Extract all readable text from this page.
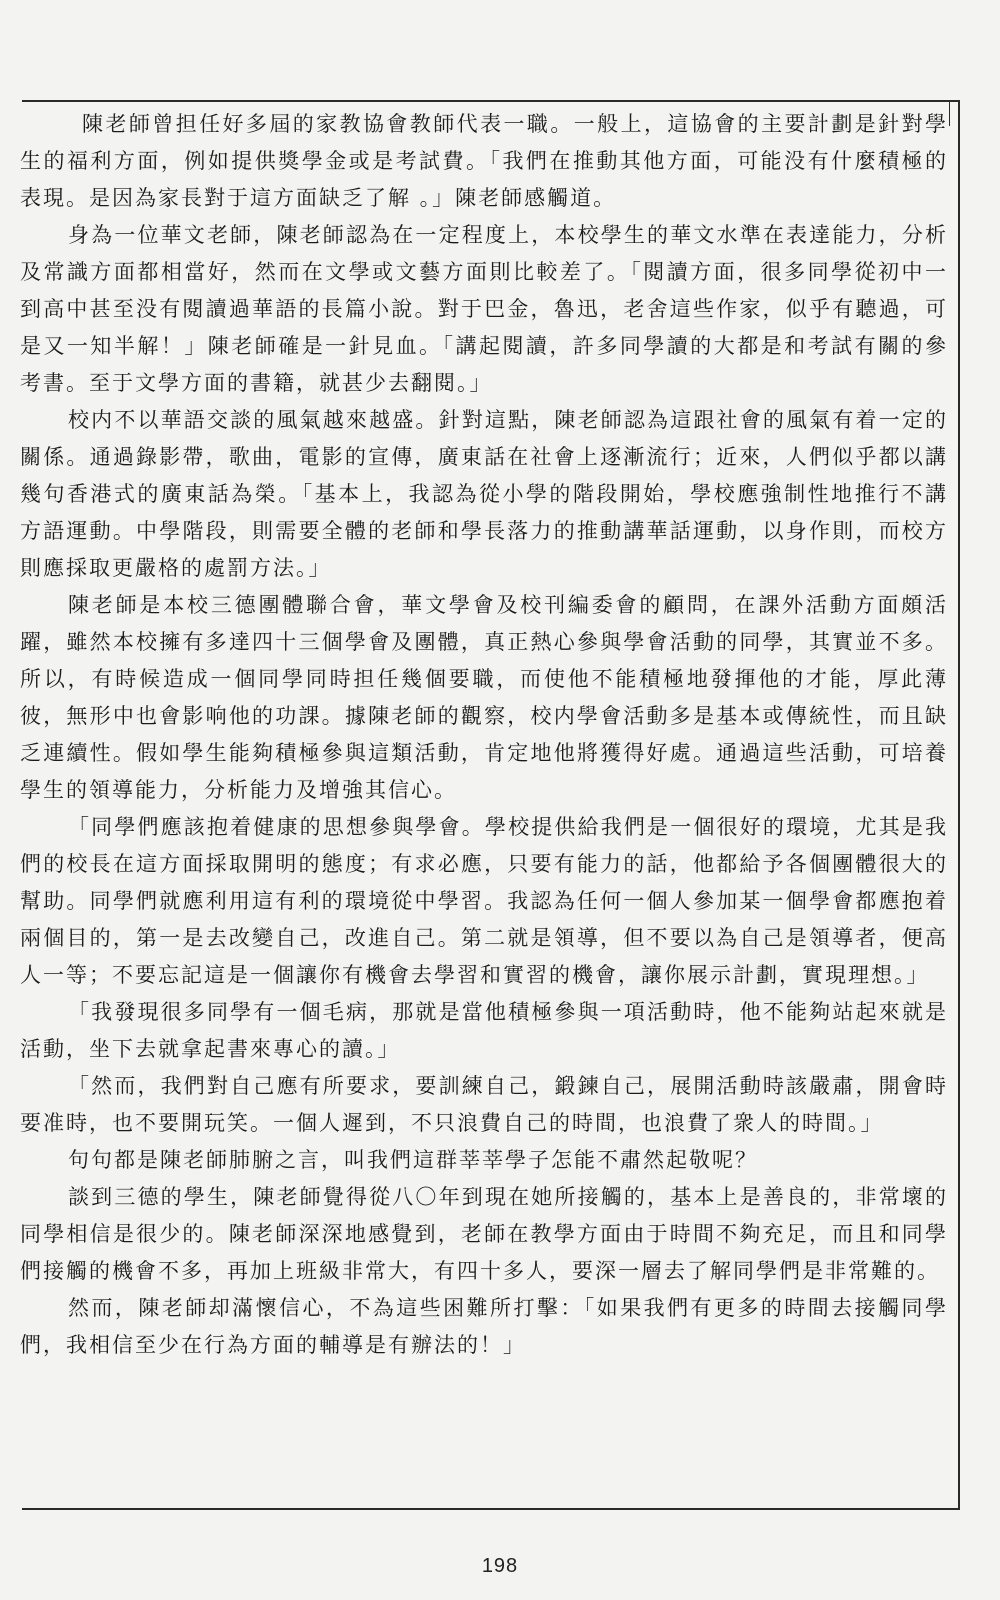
陳老師曾担任好多屆的家教協會教師代表一職。一般上，這協會的主要計劃是針對學生的福利方面，例如提供獎學金或是考試費。「我們在推動其他方面，可能没有什麼積極的表現。是因為家長對于這方面缺乏了解 。」陳老師感觸道。

身為一位華文老師，陳老師認為在一定程度上，本校學生的華文水準在表達能力，分析及常識方面都相當好，然而在文學或文藝方面則比較差了。「閱讀方面，很多同學從初中一到高中甚至没有閱讀過華語的長篇小說。對于巴金，魯迅，老舍這些作家，似乎有聽過，可是又一知半解！」陳老師確是一針見血。「講起閱讀，許多同學讀的大都是和考試有關的參考書。至于文學方面的書籍，就甚少去翻閱。」

校内不以華語交談的風氣越來越盛。針對這點，陳老師認為這跟社會的風氣有着一定的關係。通過錄影帶，歌曲，電影的宣傳，廣東話在社會上逐漸流行；近來，人們似乎都以講幾句香港式的廣東話為榮。「基本上，我認為從小學的階段開始，學校應強制性地推行不講方語運動。中學階段，則需要全體的老師和學長落力的推動講華話運動，以身作則，而校方則應採取更嚴格的處罰方法。」

陳老師是本校三德團體聯合會，華文學會及校刊編委會的顧問，在課外活動方面頗活躍，雖然本校擁有多達四十三個學會及團體，真正熱心參與學會活動的同學，其實並不多。所以，有時候造成一個同學同時担任幾個要職，而使他不能積極地發揮他的才能，厚此薄彼，無形中也會影响他的功課。據陳老師的觀察，校内學會活動多是基本或傳統性，而且缺乏連續性。假如學生能夠積極參與這類活動，肯定地他將獲得好處。通過這些活動，可培養學生的領導能力，分析能力及增強其信心。

「同學們應該抱着健康的思想參與學會。學校提供給我們是一個很好的環境，尤其是我們的校長在這方面採取開明的態度；有求必應，只要有能力的話，他都給予各個團體很大的幫助。同學們就應利用這有利的環境從中學習。我認為任何一個人參加某一個學會都應抱着兩個目的，第一是去改變自己，改進自己。第二就是領導，但不要以為自己是領導者，便高人一等；不要忘記這是一個讓你有機會去學習和實習的機會，讓你展示計劃，實現理想。」

「我發現很多同學有一個毛病，那就是當他積極參與一項活動時，他不能夠站起來就是活動，坐下去就拿起書來專心的讀。」

「然而，我們對自己應有所要求，要訓練自己，鍛鍊自己，展開活動時該嚴肅，開會時要准時，也不要開玩笑。一個人遲到，不只浪費自己的時間，也浪費了衆人的時間。」

句句都是陳老師肺腑之言，叫我們這群莘莘學子怎能不肅然起敬呢？

談到三德的學生，陳老師覺得從八〇年到現在她所接觸的，基本上是善良的，非常壞的同學相信是很少的。陳老師深深地感覺到，老師在教學方面由于時間不夠充足，而且和同學們接觸的機會不多，再加上班級非常大，有四十多人，要深一層去了解同學們是非常難的。

然而，陳老師却滿懷信心，不為這些困難所打擊：「如果我們有更多的時間去接觸同學們，我相信至少在行為方面的輔導是有辦法的！」

198
